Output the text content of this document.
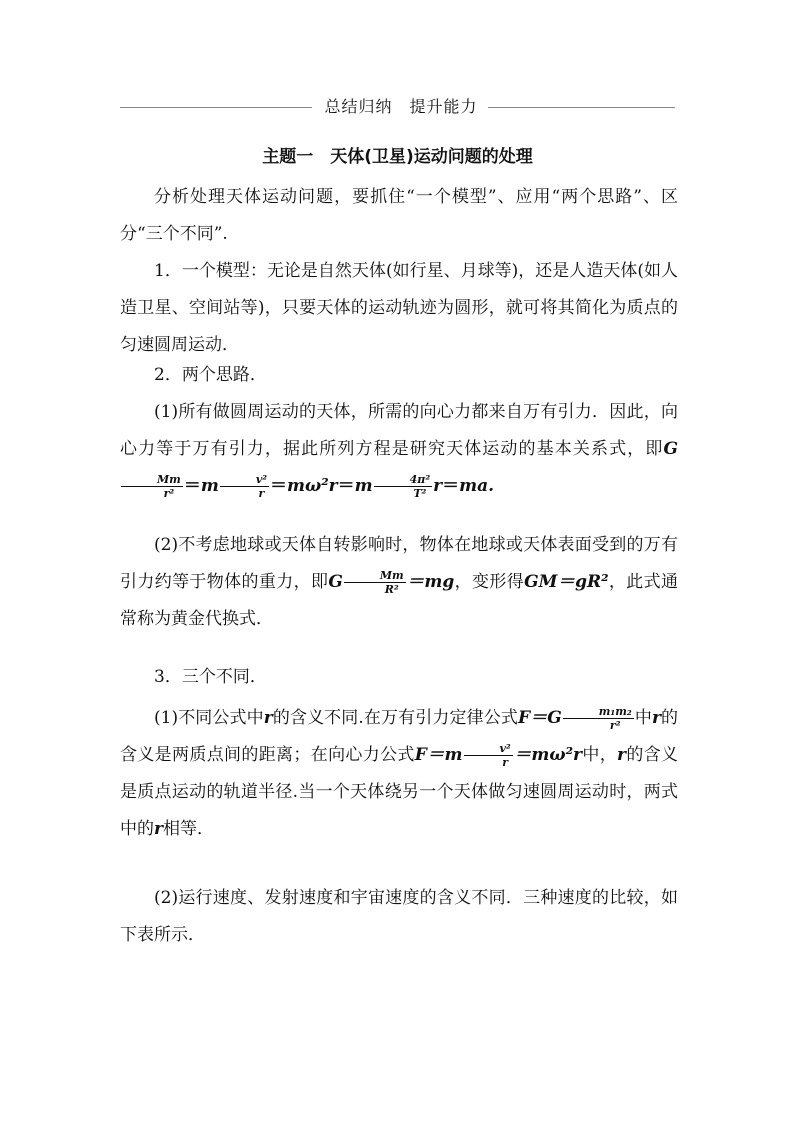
总结归纳　提升能力
主题一　天体(卫星)运动问题的处理
分析处理天体运动问题，要抓住“一个模型”、应用“两个思路”、区分“三个不同”.
1．一个模型：无论是自然天体(如行星、月球等)，还是人造天体(如人造卫星、空间站等)，只要天体的运动轨迹为圆形，就可将其简化为质点的匀速圆周运动．
2．两个思路．
(1)所有做圆周运动的天体，所需的向心力都来自万有引力．因此，向心力等于万有引力，据此所列方程是研究天体运动的基本关系式，即G
$\frac{Mm}{\text{r²}} =m \frac{\text{v²}}{r} =m\omega^2r=m \frac{\text{4π²}}{\text{T²}} r=ma$.
(2)不考虑地球或天体自转影响时，物体在地球或天体表面受到的万有引力约等于物体的重力，即G $\frac{Mm}{\text{R²}} =mg$，变形得GM＝gR²，此式通常称为黄金代换式．
3．三个不同．
(1)不同公式中r的含义不同.在万有引力定律公式$F=G \frac{\text{m₁m₂}}{\text{r²}}$ 中r的含义是两质点间的距离；在向心力公式$F=m \frac{\text{v²}}{r} =m\omega^2r$中，r的含义是质点运动的轨道半径.当一个天体绕另一个天体做匀速圆周运动时，两式中的r相等．
(2)运行速度、发射速度和宇宙速度的含义不同．三种速度的比较，如下表所示．
